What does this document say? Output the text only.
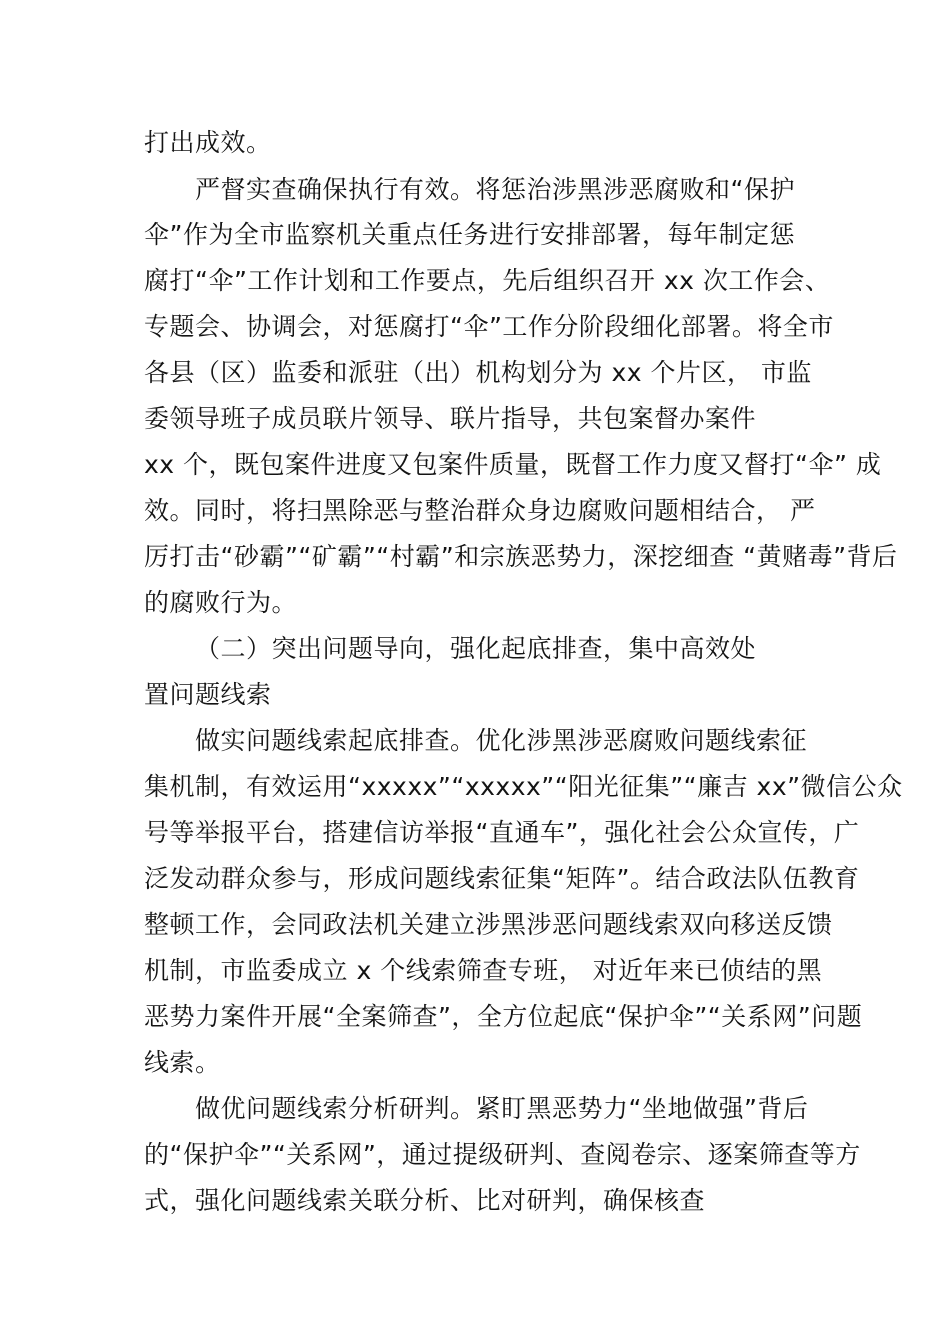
打出成效。
严督实查确保执行有效。将惩治涉黑涉恶腐败和“保护
伞”作为全市监察机关重点任务进行安排部署，每年制定惩
腐打“伞”工作计划和工作要点，先后组织召开 xx 次工作会、
专题会、协调会，对惩腐打“伞”工作分阶段细化部署。将全市
各县（区）监委和派驻（出）机构划分为 xx 个片区， 市监
委领导班子成员联片领导、联片指导，共包案督办案件
xx 个，既包案件进度又包案件质量，既督工作力度又督打“伞” 成
效。同时，将扫黑除恶与整治群众身边腐败问题相结合， 严
厉打击“砂霸”“矿霸”“村霸”和宗族恶势力，深挖细查 “黄赌毒”背后
的腐败行为。
（二）突出问题导向，强化起底排查，集中高效处
置问题线索
做实问题线索起底排查。优化涉黑涉恶腐败问题线索征
集机制，有效运用“xxxxx”“xxxxx”“阳光征集”“廉吉 xx”微信公众
号等举报平台，搭建信访举报“直通车”，强化社会公众宣传，广
泛发动群众参与，形成问题线索征集“矩阵”。结合政法队伍教育
整顿工作，会同政法机关建立涉黑涉恶问题线索双向移送反馈
机制，市监委成立 x 个线索筛查专班， 对近年来已侦结的黑
恶势力案件开展“全案筛查”，全方位起底“保护伞”“关系网”问题
线索。
做优问题线索分析研判。紧盯黑恶势力“坐地做强”背后
的“保护伞”“关系网”，通过提级研判、查阅卷宗、逐案筛查等方
式，强化问题线索关联分析、比对研判，确保核查
